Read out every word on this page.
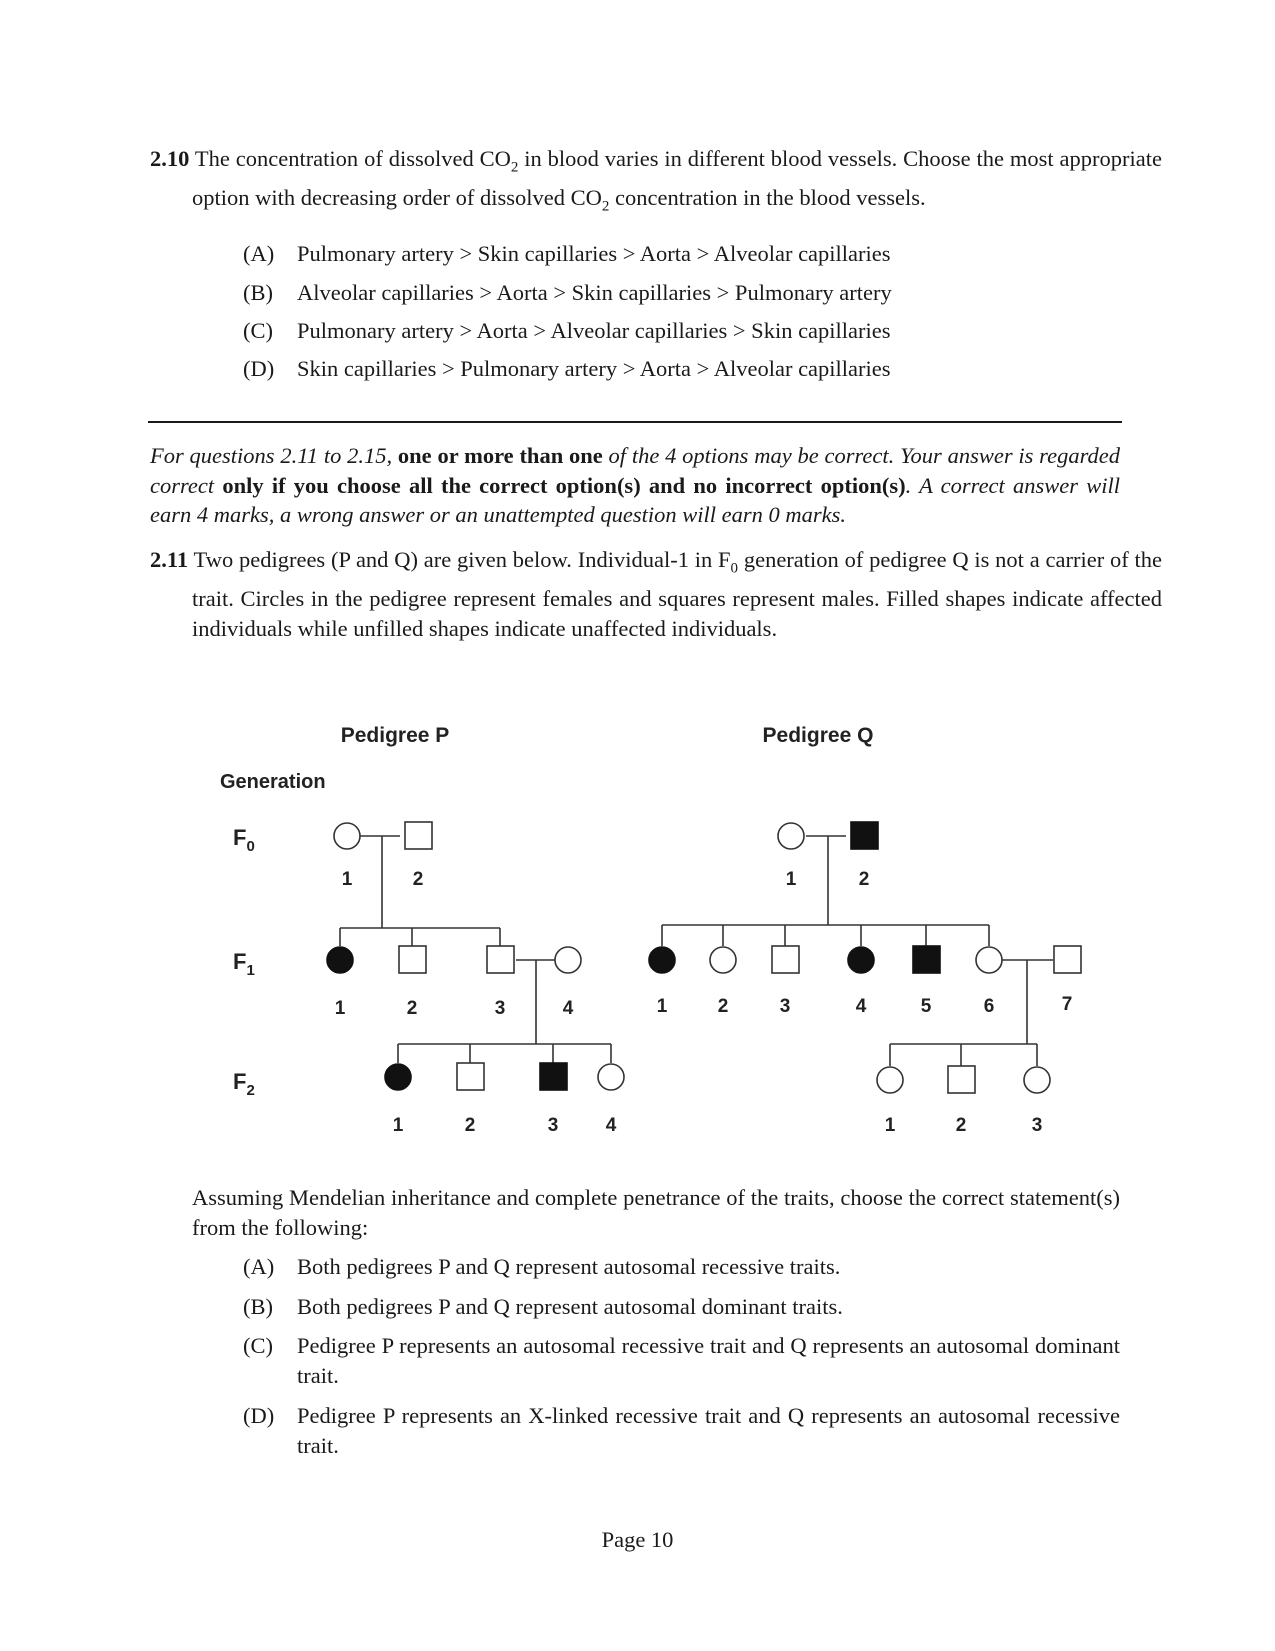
2.10 The concentration of dissolved $CO_2$ in blood varies in different blood vessels. Choose the most appropriate option with decreasing order of dissolved $CO_2$ concentration in the blood vessels.
(A) Pulmonary artery > Skin capillaries > Aorta > Alveolar capillaries
(B) Alveolar capillaries > Aorta > Skin capillaries > Pulmonary artery
(C) Pulmonary artery > Aorta > Alveolar capillaries > Skin capillaries
(D) Skin capillaries > Pulmonary artery > Aorta > Alveolar capillaries
For questions 2.11 to 2.15, one or more than one of the 4 options may be correct. Your answer is regarded correct only if you choose all the correct option(s) and no incorrect option(s). A correct answer will earn 4 marks, a wrong answer or an unattempted question will earn 0 marks.
2.11 Two pedigrees (P and Q) are given below. Individual-1 in $F_0$ generation of pedigree Q is not a carrier of the trait. Circles in the pedigree represent females and squares represent males. Filled shapes indicate affected individuals while unfilled shapes indicate unaffected individuals.
Pedigree P	Pedigree Q
Generation
$F_0$
$F_1$
$F_2$
1	2
1	2	3	4
1	2	3 4
1	2
1	2	3	4	5	6	7
1	2	3
Assuming Mendelian inheritance and complete penetrance of the traits, choose the correct statement(s) from the following:
(A) Both pedigrees P and Q represent autosomal recessive traits.
(B) Both pedigrees P and Q represent autosomal dominant traits.
(C) Pedigree P represents an autosomal recessive trait and Q represents an autosomal dominant trait.
(D) Pedigree P represents an X-linked recessive trait and Q represents an autosomal recessive trait.
Page 10
